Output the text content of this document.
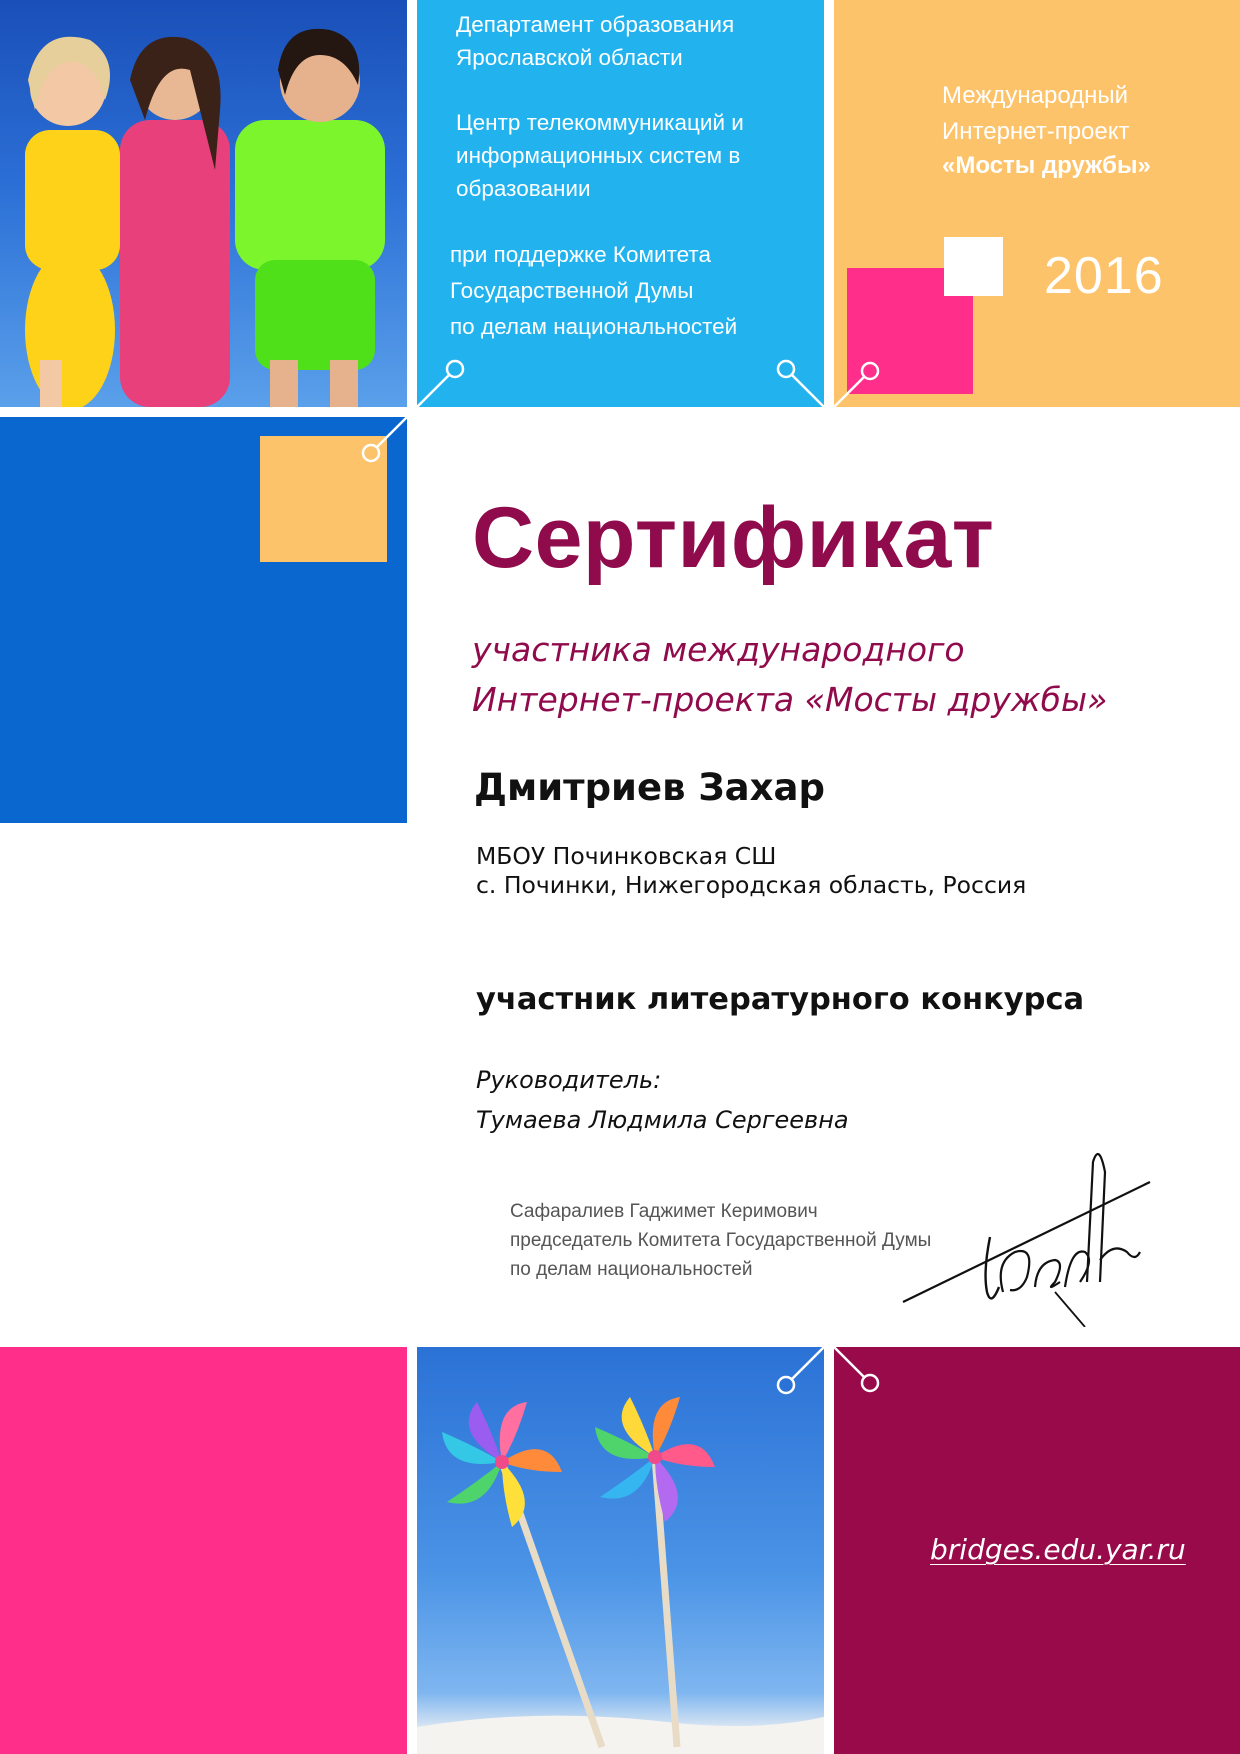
Департамент образования
Ярославской области
Центр телекоммуникаций и
информационных систем в
образовании
при поддержке Комитета
Государственной Думы
по делам национальностей
Международный
Интернет-проект
«Мосты дружбы»
2016
Сертификат
участника международного
Интернет-проекта «Мосты дружбы»
Дмитриев Захар
МБОУ Починковская СШ
с. Починки, Нижегородская область, Россия
участник литературного конкурса
Руководитель:
Тумаева Людмила Сергеевна
Сафаралиев Гаджимет Керимович
председатель Комитета Государственной Думы
по делам национальностей
bridges.edu.yar.ru
